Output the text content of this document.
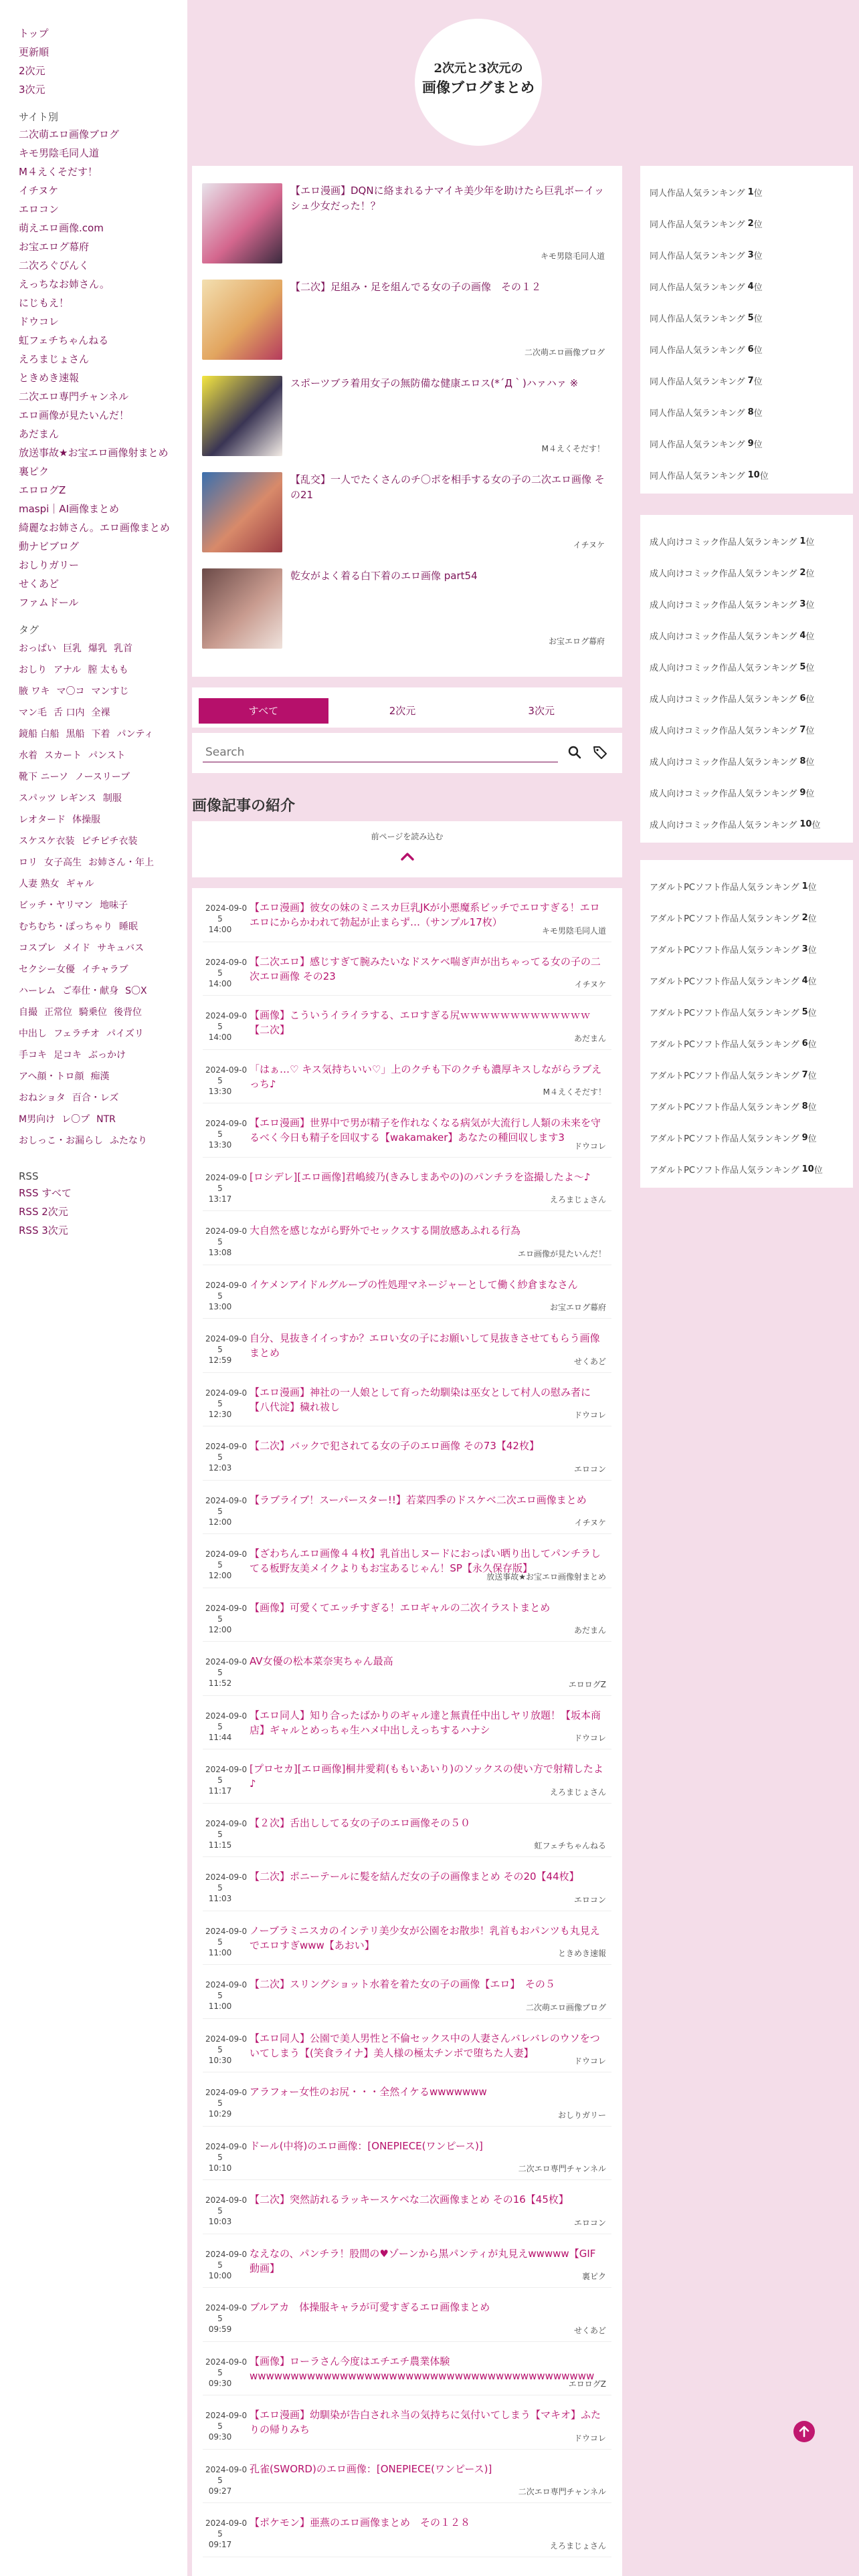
トップ
更新順
2次元
3次元
サイト別
二次萌エロ画像ブログ
キモ男陰毛同人道
M４えくそだす！
イチヌケ
エロコン
萌えエロ画像.com
お宝エログ幕府
二次ろぐぴんく
えっちなお姉さん。
にじもえ！
ドウコレ
虹フェチちゃんねる
えろまじょさん
ときめき速報
二次エロ専門チャンネル
エロ画像が見たいんだ！
あだまん
放送事故★お宝エロ画像射まとめ
裏ピク
エロログZ
maspi｜AI画像まとめ
綺麗なお姉さん。エロ画像まとめ
動ナビブログ
おしりガリー
せくあど
ファムドール
タグ
おっぱい 巨乳 爆乳 乳首
おしり アナル 膣 太もも
腋 ワキ マ〇コ マンすじ
マン毛 舌 口内 全裸
鏡船 白船 黒船 下着 パンティ
水着 スカート パンスト
靴下 ニーソ ノースリーブ
スパッツ レギンス 制服
レオタード 体操服
スケスケ衣装 ピチピチ衣装
ロリ 女子高生 お姉さん・年上
人妻 熟女 ギャル
ビッチ・ヤリマン 地味子
むちむち・ぽっちゃり 睡眠
コスプレ メイド サキュバス
セクシー女優 イチャラブ
ハーレム ご奉仕・献身 S〇X
自撮 正常位 騎乗位 後背位
中出し フェラチオ パイズリ
手コキ 足コキ ぶっかけ
アヘ顔・トロ顔 痴漢
おねショタ 百合・レズ
M男向け レ〇プ NTR
おしっこ・お漏らし ふたなり
RSS
RSS すべて
RSS 2次元
RSS 3次元
2次元と3次元の
画像ブログまとめ
【エロ漫画】DQNに絡まれるナマイキ美少年を助けたら巨乳ボーイッシュ少女だった！？
キモ男陰毛同人道
【二次】足組み・足を組んでる女の子の画像　その１２
二次萌エロ画像ブログ
スポーツブラ着用女子の無防備な健康エロス(*´Д｀)ハァハァ ※
M４えくそだす！
【乱交】一人でたくさんのチ〇ポを相手する女の子の二次エロ画像 その21
イチヌケ
乾女がよく着る白下着のエロ画像 part54
お宝エログ幕府
すべて	2次元	3次元
Search
画像記事の紹介
前ページを読み込む
2024-09-0
5
14:00
【エロ漫画】彼女の妹のミニスカ巨乳JKが小悪魔系ビッチでエロすぎる！エロエロにからかわれて勃起が止まらず…（サンプル17枚）
キモ男陰毛同人道
2024-09-0
5
14:00
【二次エロ】感じすぎて腕みたいなドスケベ喘ぎ声が出ちゃってる女の子の二次エロ画像 その23
イチヌケ
2024-09-0
5
14:00
【画像】こういうイライラする、エロすぎる尻ｗｗｗｗｗｗｗｗｗｗｗｗｗ 【二次】
あだまん
2024-09-0
5
13:30
「はぁ…♡ キス気持ちいい♡」上のクチも下のクチも濃厚キスしながらラブえっち♪
M４えくそだす！
2024-09-0
5
13:30
【エロ漫画】世界中で男が精子を作れなくなる病気が大流行し人類の未来を守るべく今日も精子を回収する【wakamaker】あなたの種回収します3
ドウコレ
2024-09-0
5
13:17
[ロシデレ][エロ画像]君嶋綾乃(きみしまあやの)のパンチラを盗撮したよ〜♪
えろまじょさん
2024-09-0
5
13:08
大自然を感じながら野外でセックスする開放感あふれる行為
エロ画像が見たいんだ！
2024-09-0
5
13:00
イケメンアイドルグループの性処理マネージャーとして働く紗倉まなさん
お宝エログ幕府
2024-09-0
5
12:59
自分、見抜きイイっすか？エロい女の子にお願いして見抜きさせてもらう画像まとめ
せくあど
2024-09-0
5
12:30
【エロ漫画】神社の一人娘として育った幼馴染は巫女として村人の慰み者に【八代淀】穢れ祓し
ドウコレ
2024-09-0
5
12:03
【二次】バックで犯されてる女の子のエロ画像 その73【42枚】
エロコン
2024-09-0
5
12:00
【ラブライブ！スーパースター!!】若菜四季のドスケベ二次エロ画像まとめ
イチヌケ
2024-09-0
5
12:00
【ざわちんエロ画像４４枚】乳首出しヌードにおっぱい晒り出してパンチラしてる板野友美メイクよりもお宝あるじゃん！SP【永久保存版】
放送事故★お宝エロ画像射まとめ
2024-09-0
5
12:00
【画像】可愛くてエッチすぎる！エロギャルの二次イラストまとめ
あだまん
2024-09-0
5
11:52
AV女優の松本菜奈実ちゃん最高
エロログZ
2024-09-0
5
11:44
【エロ同人】知り合ったばかりのギャル達と無責任中出しヤリ放題！【坂本商店】ギャルとめっちゃ生ハメ中出しえっちするハナシ
ドウコレ
2024-09-0
5
11:17
[プロセカ][エロ画像]桐井愛莉(ももいあいり)のソックスの使い方で射精したよ♪
えろまじょさん
2024-09-0
5
11:15
【２次】舌出ししてる女の子のエロ画像その５０
虹フェチちゃんねる
2024-09-0
5
11:03
【二次】ポニーテールに髪を結んだ女の子の画像まとめ その20【44枚】
エロコン
2024-09-0
5
11:00
ノーブラミニスカのインテリ美少女が公園をお散歩！乳首もおパンツも丸見えでエロすぎwww【あおい】
ときめき速報
2024-09-0
5
11:00
【二次】スリングショット水着を着た女の子の画像【エロ】　その５
二次萌エロ画像ブログ
2024-09-0
5
10:30
【エロ同人】公園で美人男性と不倫セックス中の人妻さんバレバレのウソをついてしまう【(笑食ライナ】美人様の極太チンポで堕ちた人妻】
ドウコレ
2024-09-0
5
10:29
アラフォー女性のお尻・・・全然イケるwwwwwww
おしりガリー
2024-09-0
5
10:10
ドール(中将)のエロ画像：[ONEPIECE(ワンピース)]
二次エロ専門チャンネル
2024-09-0
5
10:03
【二次】突然訪れるラッキースケベな二次画像まとめ その16【45枚】
エロコン
2024-09-0
5
10:00
なえなの、パンチラ！股間の♥ゾーンから黒パンティが丸見えwwwww【GIF動画】
裏ピク
2024-09-0
5
09:59
ブルアカ　体操服キャラが可愛すぎるエロ画像まとめ
せくあど
2024-09-0
5
09:30
【画像】ローラさん今度はエチエチ農業体験wwwwwwwwwwwwwwwwwwwwwwwwwwwwwwwwwwwwwwwwww
エロログZ
2024-09-0
5
09:30
【エロ漫画】幼馴染が告白されネ当の気持ちに気付いてしまう【マキオ】ふたりの帰りみち
ドウコレ
2024-09-0
5
09:27
孔雀(SWORD)のエロ画像：[ONEPIECE(ワンピース)]
二次エロ専門チャンネル
2024-09-0
5
09:17
【ポケモン】亜燕のエロ画像まとめ　その１２８
えろまじょさん
同人作品人気ランキング 1 位
同人作品人気ランキング 2 位
同人作品人気ランキング 3 位
同人作品人気ランキング 4 位
同人作品人気ランキング 5 位
同人作品人気ランキング 6 位
同人作品人気ランキング 7 位
同人作品人気ランキング 8 位
同人作品人気ランキング 9 位
同人作品人気ランキング 10 位
成人向けコミック作品人気ランキング 1 位
成人向けコミック作品人気ランキング 2 位
成人向けコミック作品人気ランキング 3 位
成人向けコミック作品人気ランキング 4 位
成人向けコミック作品人気ランキング 5 位
成人向けコミック作品人気ランキング 6 位
成人向けコミック作品人気ランキング 7 位
成人向けコミック作品人気ランキング 8 位
成人向けコミック作品人気ランキング 9 位
成人向けコミック作品人気ランキング 10 位
アダルトPCソフト作品人気ランキング 1 位
アダルトPCソフト作品人気ランキング 2 位
アダルトPCソフト作品人気ランキング 3 位
アダルトPCソフト作品人気ランキング 4 位
アダルトPCソフト作品人気ランキング 5 位
アダルトPCソフト作品人気ランキング 6 位
アダルトPCソフト作品人気ランキング 7 位
アダルトPCソフト作品人気ランキング 8 位
アダルトPCソフト作品人気ランキング 9 位
アダルトPCソフト作品人気ランキング 10 位
